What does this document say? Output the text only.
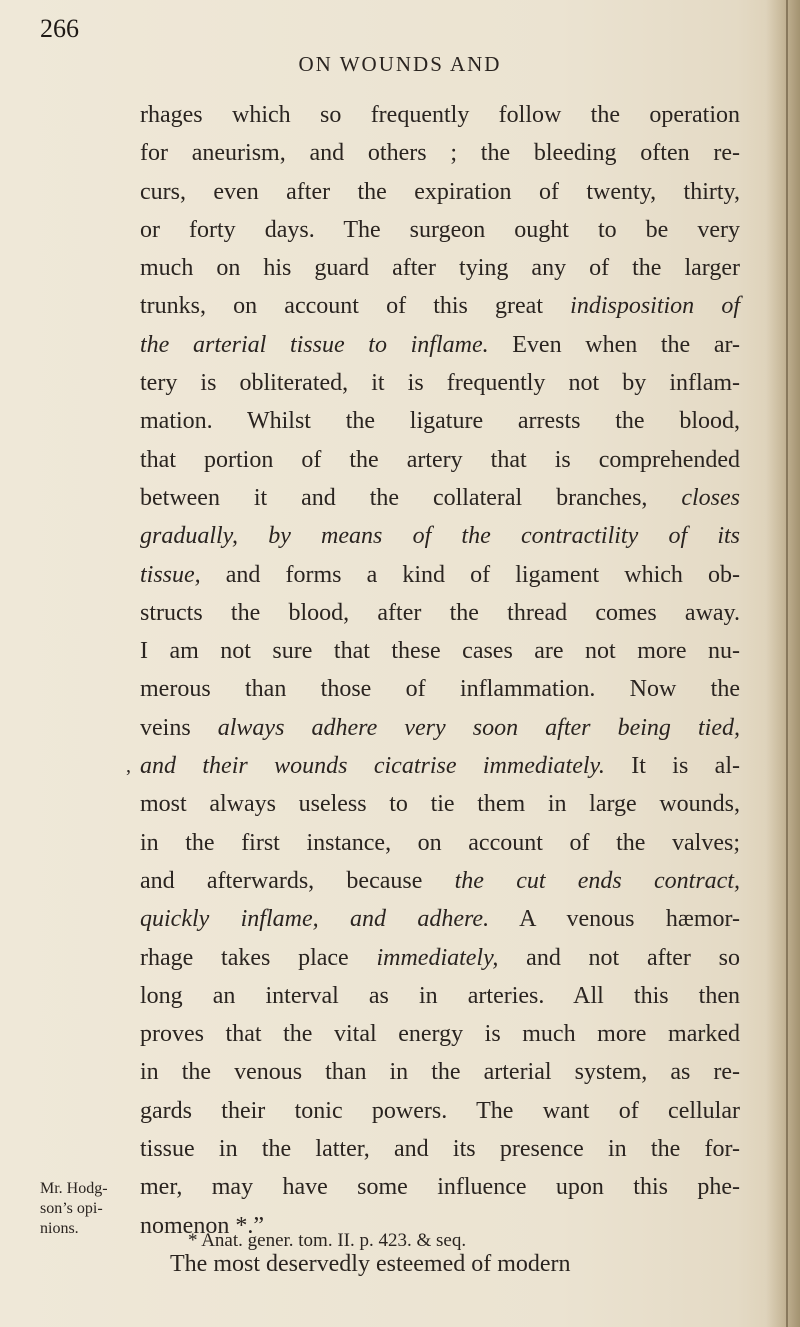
266
ON WOUNDS AND
rhages which so frequently follow the operation
for aneurism, and others ; the bleeding often re-
curs, even after the expiration of twenty, thirty,
or forty days. The surgeon ought to be very
much on his guard after tying any of the larger
trunks, on account of this great indisposition of
the arterial tissue to inflame. Even when the ar-
tery is obliterated, it is frequently not by inflam-
mation. Whilst the ligature arrests the blood,
that portion of the artery that is comprehended
between it and the collateral branches, closes
gradually, by means of the contractility of its
tissue, and forms a kind of ligament which ob-
structs the blood, after the thread comes away.
I am not sure that these cases are not more nu-
merous than those of inflammation. Now the
veins always adhere very soon after being tied,
, and their wounds cicatrise immediately. It is al-
most always useless to tie them in large wounds,
in the first instance, on account of the valves;
and afterwards, because the cut ends contract,
quickly inflame, and adhere. A venous hæmor-
rhage takes place immediately, and not after so
long an interval as in arteries. All this then
proves that the vital energy is much more marked
in the venous than in the arterial system, as re-
gards their tonic powers. The want of cellular
tissue in the latter, and its presence in the for-
mer, may have some influence upon this phe-
nomenon *.”
The most deservedly esteemed of modern
Mr. Hodg-
son’s opi-
nions.
* Anat. gener. tom. II. p. 423. & seq.
